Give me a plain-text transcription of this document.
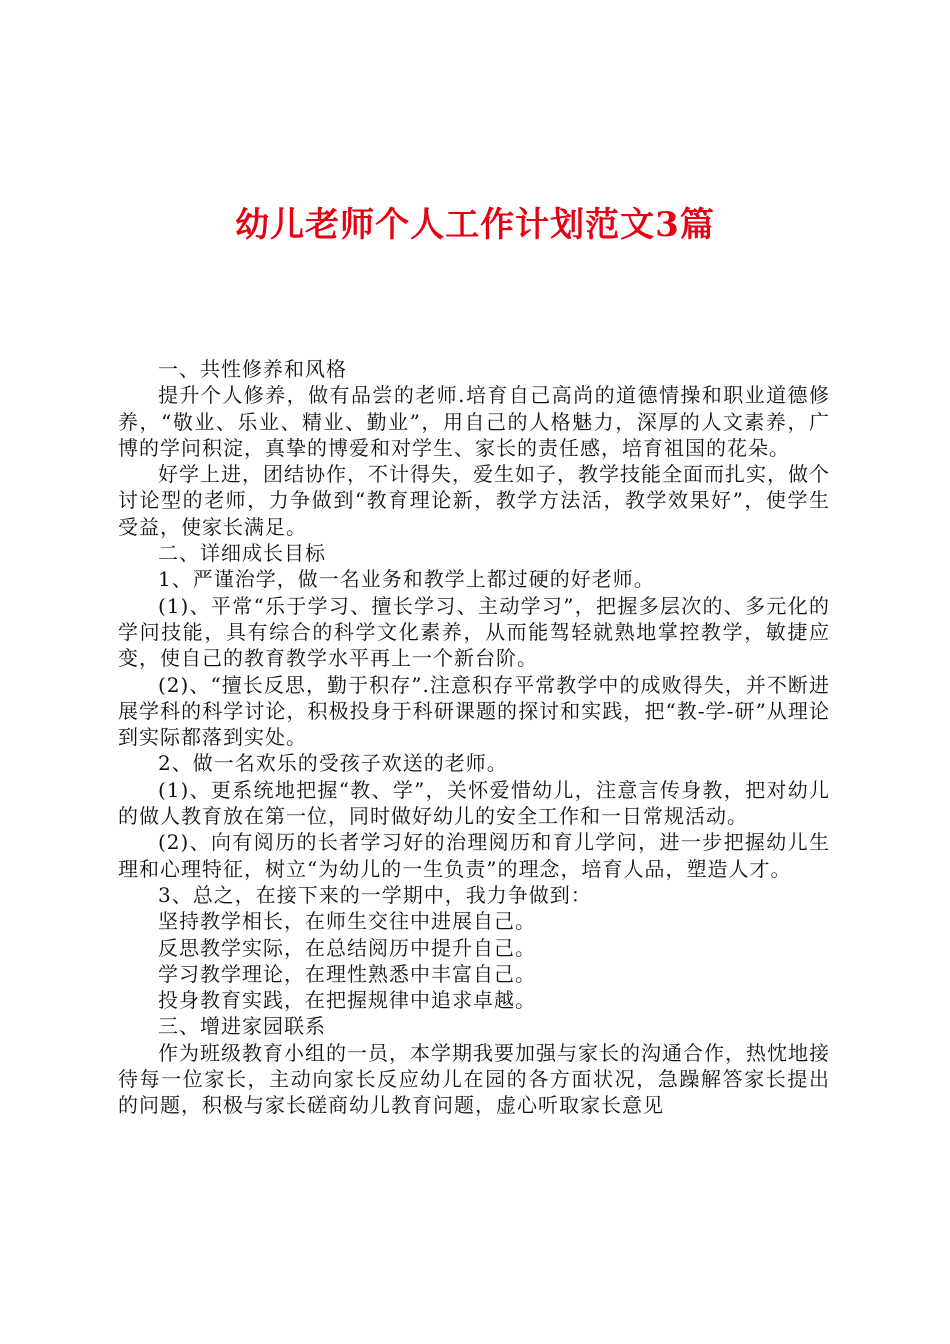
幼儿老师个人工作计划范文3篇

一、共性修养和风格

提升个人修养，做有品尝的老师.培育自己高尚的道德情操和职业道德修养，“敬业、乐业、精业、勤业”，用自己的人格魅力，深厚的人文素养，广博的学问积淀，真挚的博爱和对学生、家长的责任感，培育祖国的花朵。

好学上进，团结协作，不计得失，爱生如子，教学技能全面而扎实，做个讨论型的老师，力争做到“教育理论新，教学方法活，教学效果好”，使学生受益，使家长满足。

二、详细成长目标

1、严谨治学，做一名业务和教学上都过硬的好老师。

(1)、平常“乐于学习、擅长学习、主动学习”，把握多层次的、多元化的学问技能，具有综合的科学文化素养，从而能驾轻就熟地掌控教学，敏捷应变，使自己的教育教学水平再上一个新台阶。

(2)、“擅长反思，勤于积存”.注意积存平常教学中的成败得失，并不断进展学科的科学讨论，积极投身于科研课题的探讨和实践，把“教-学-研”从理论到实际都落到实处。

2、做一名欢乐的受孩子欢送的老师。

(1)、更系统地把握“教、学”，关怀爱惜幼儿，注意言传身教，把对幼儿的做人教育放在第一位，同时做好幼儿的安全工作和一日常规活动。

(2)、向有阅历的长者学习好的治理阅历和育儿学问，进一步把握幼儿生理和心理特征，树立“为幼儿的一生负责”的理念，培育人品，塑造人才。

3、总之，在接下来的一学期中，我力争做到：

坚持教学相长，在师生交往中进展自己。

反思教学实际，在总结阅历中提升自己。

学习教学理论，在理性熟悉中丰富自己。

投身教育实践，在把握规律中追求卓越。

三、增进家园联系

作为班级教育小组的一员，本学期我要加强与家长的沟通合作，热忱地接待每一位家长，主动向家长反应幼儿在园的各方面状况，急躁解答家长提出的问题，积极与家长磋商幼儿教育问题，虚心听取家长意见
